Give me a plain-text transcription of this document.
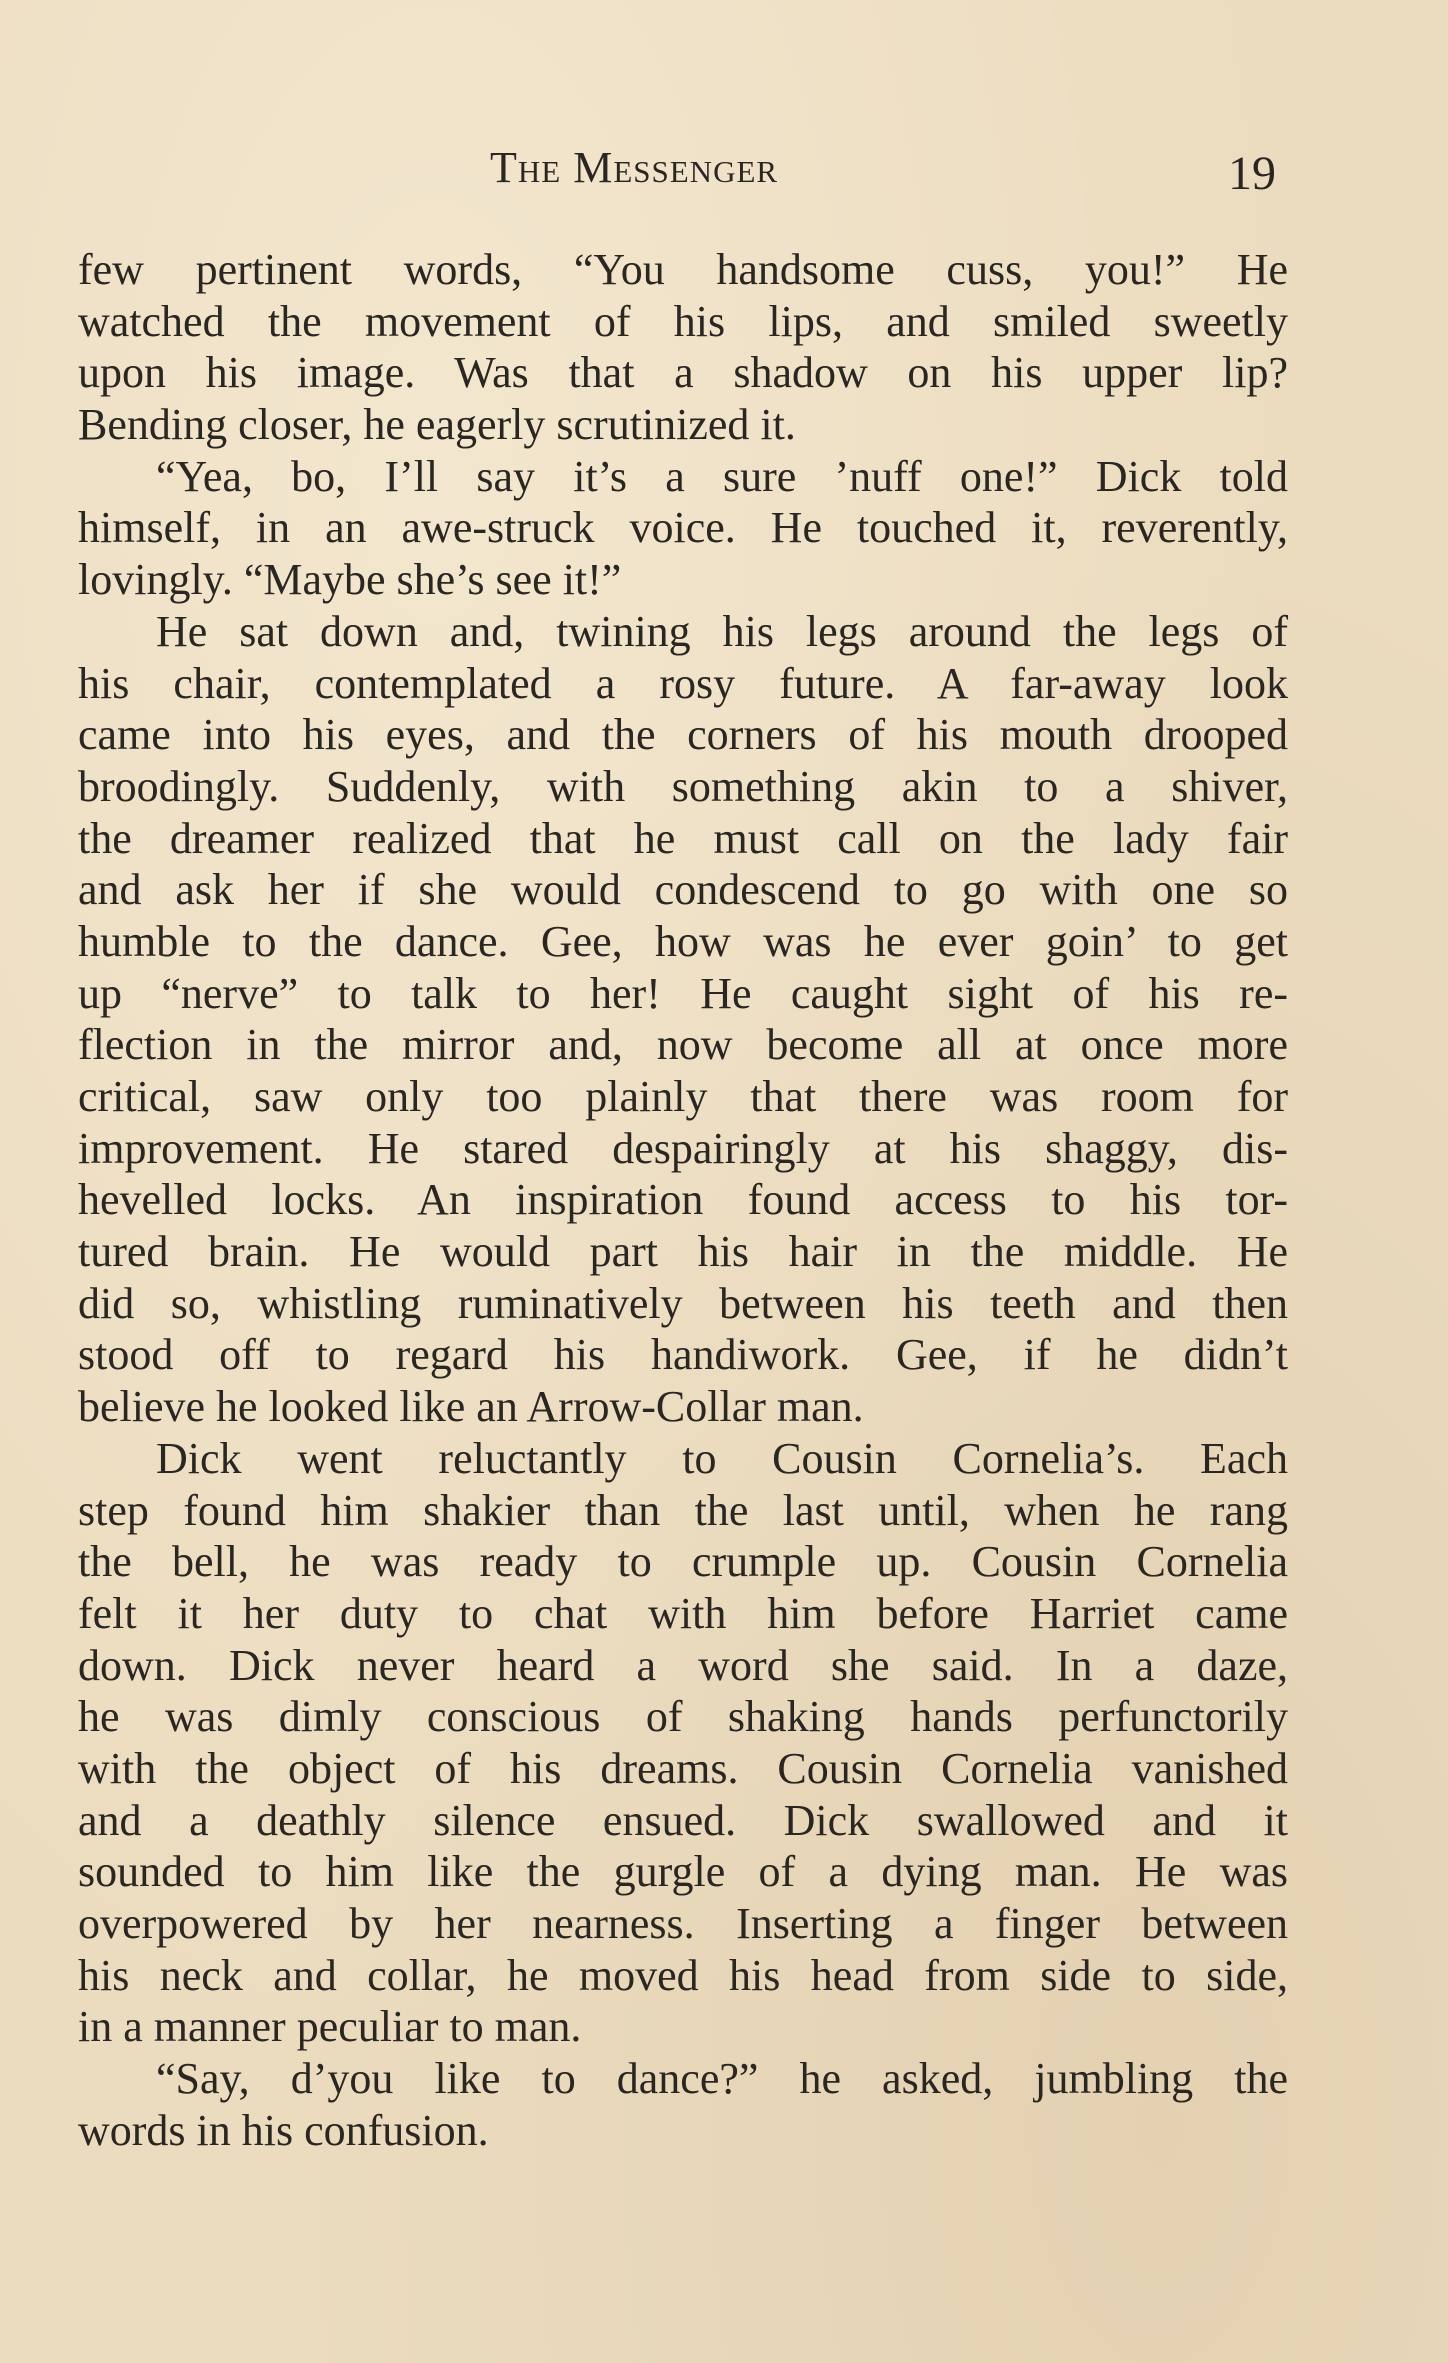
The Messenger	19
few pertinent words, “You handsome cuss, you!” He
watched the movement of his lips, and smiled sweetly
upon his image. Was that a shadow on his upper lip?
Bending closer, he eagerly scrutinized it.
“Yea, bo, I’ll say it’s a sure ’nuff one!” Dick told
himself, in an awe-struck voice. He touched it, reverently,
lovingly. “Maybe she’s see it!”
He sat down and, twining his legs around the legs of
his chair, contemplated a rosy future. A far-away look
came into his eyes, and the corners of his mouth drooped
broodingly. Suddenly, with something akin to a shiver,
the dreamer realized that he must call on the lady fair
and ask her if she would condescend to go with one so
humble to the dance. Gee, how was he ever goin’ to get
up “nerve” to talk to her! He caught sight of his re-
flection in the mirror and, now become all at once more
critical, saw only too plainly that there was room for
improvement. He stared despairingly at his shaggy, dis-
hevelled locks. An inspiration found access to his tor-
tured brain. He would part his hair in the middle. He
did so, whistling ruminatively between his teeth and then
stood off to regard his handiwork. Gee, if he didn’t
believe he looked like an Arrow-Collar man.
Dick went reluctantly to Cousin Cornelia’s. Each
step found him shakier than the last until, when he rang
the bell, he was ready to crumple up. Cousin Cornelia
felt it her duty to chat with him before Harriet came
down. Dick never heard a word she said. In a daze,
he was dimly conscious of shaking hands perfunctorily
with the object of his dreams. Cousin Cornelia vanished
and a deathly silence ensued. Dick swallowed and it
sounded to him like the gurgle of a dying man. He was
overpowered by her nearness. Inserting a finger between
his neck and collar, he moved his head from side to side,
in a manner peculiar to man.
“Say, d’you like to dance?” he asked, jumbling the
words in his confusion.
